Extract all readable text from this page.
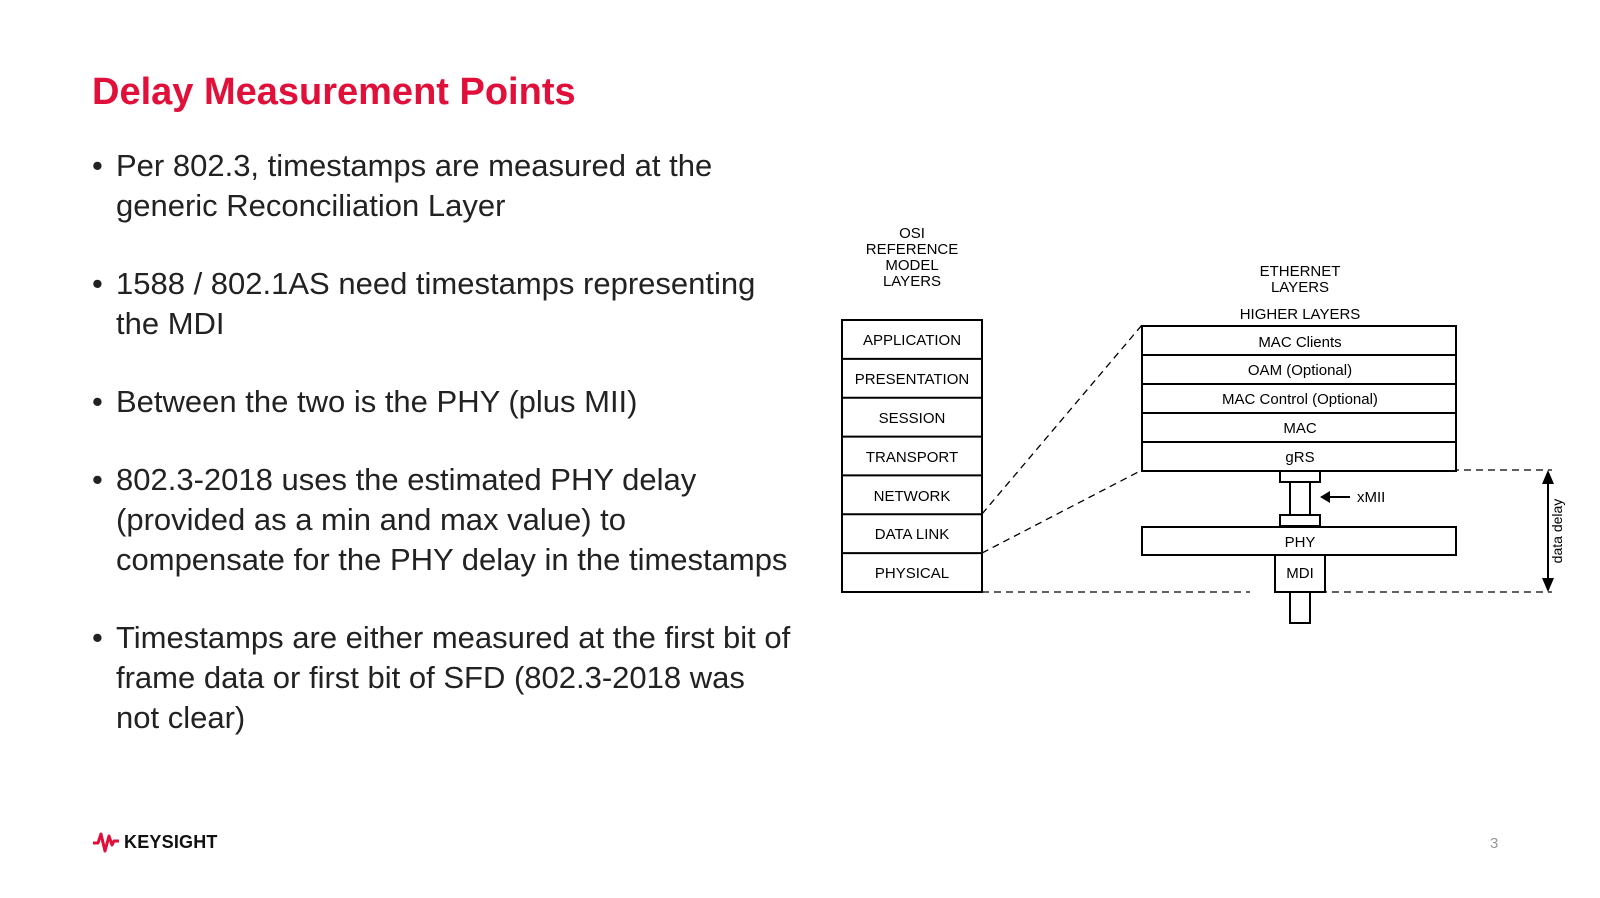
Delay Measurement Points
• Per 802.3, timestamps are measured at the generic Reconciliation Layer
• 1588 / 802.1AS need timestamps representing the MDI
• Between the two is the PHY (plus MII)
• 802.3-2018 uses the estimated PHY delay (provided as a min and max value) to compensate for the PHY delay in the timestamps
• Timestamps are either measured at the first bit of frame data or first bit of SFD (802.3-2018 was not clear)
OSI
REFERENCE
MODEL
LAYERS
APPLICATION
PRESENTATION
SESSION
TRANSPORT
NETWORK
DATA LINK
PHYSICAL
ETHERNET
LAYERS
HIGHER LAYERS
MAC Clients
OAM (Optional)
MAC Control (Optional)
MAC
gRS
xMII
PHY
MDI
data delay
KEYSIGHT	3
